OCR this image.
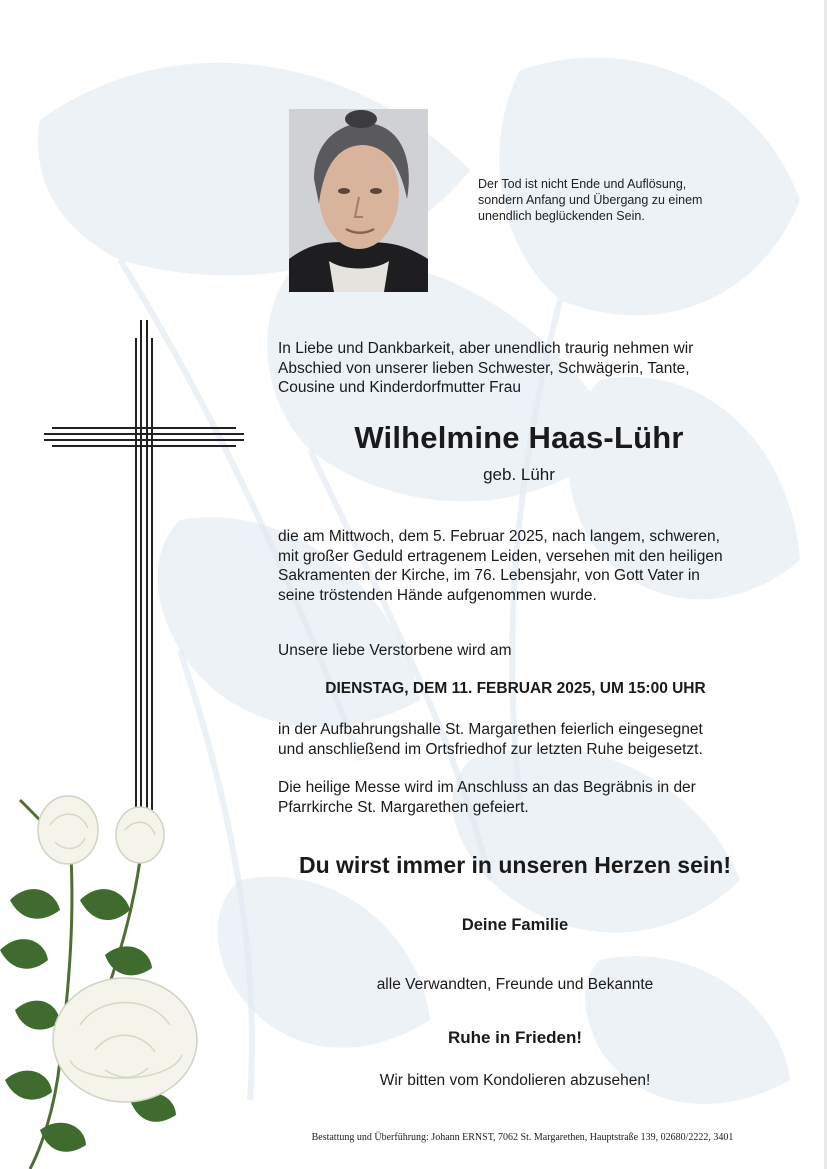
Der Tod ist nicht Ende und Auflösung,
sondern Anfang und Übergang zu einem
unendlich beglückenden Sein.
In Liebe und Dankbarkeit, aber unendlich traurig nehmen wir
Abschied von unserer lieben Schwester, Schwägerin, Tante,
Cousine und Kinderdorfmutter Frau
Wilhelmine Haas-Lühr
geb. Lühr
die am Mittwoch, dem 5. Februar 2025, nach langem, schweren,
mit großer Geduld ertragenem Leiden, versehen mit den heiligen
Sakramenten der Kirche, im 76. Lebensjahr, von Gott Vater in
seine tröstenden Hände aufgenommen wurde.
Unsere liebe Verstorbene wird am
DIENSTAG, DEM 11. FEBRUAR 2025, UM 15:00 UHR
in der Aufbahrungshalle St. Margarethen feierlich eingesegnet
und anschließend im Ortsfriedhof zur letzten Ruhe beigesetzt.
Die heilige Messe wird im Anschluss an das Begräbnis in der
Pfarrkirche St. Margarethen gefeiert.
Du wirst immer in unseren Herzen sein!
Deine Familie
alle Verwandten, Freunde und Bekannte
Ruhe in Frieden!
Wir bitten vom Kondolieren abzusehen!
Bestattung und Überführung: Johann ERNST, 7062 St. Margarethen, Hauptstraße 139, 02680/2222, 3401
